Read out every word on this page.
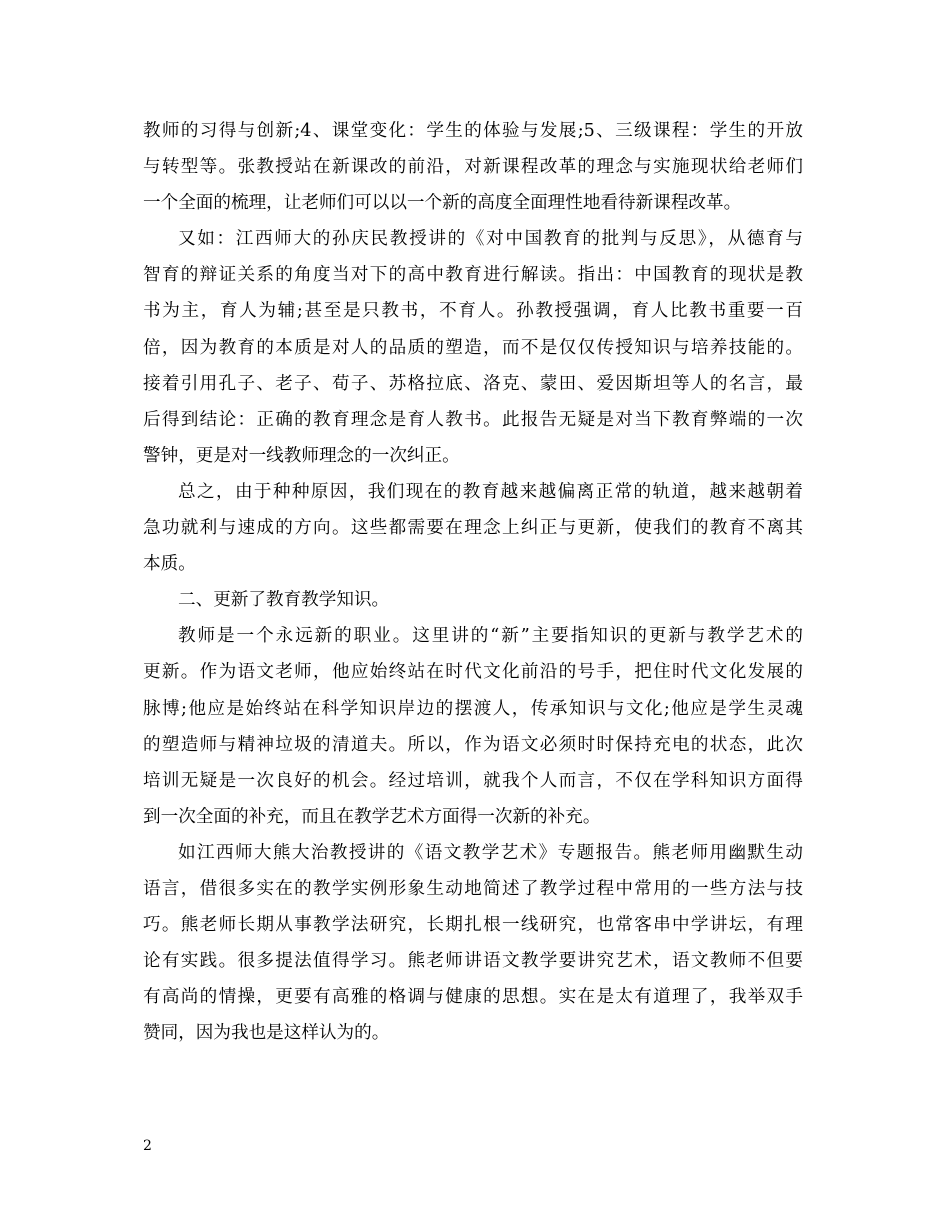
教师的习得与创新;4、课堂变化：学生的体验与发展;5、三级课程：学生的开放
与转型等。张教授站在新课改的前沿，对新课程改革的理念与实施现状给老师们
一个全面的梳理，让老师们可以以一个新的高度全面理性地看待新课程改革。
又如：江西师大的孙庆民教授讲的《对中国教育的批判与反思》，从德育与
智育的辩证关系的角度当对下的高中教育进行解读。指出：中国教育的现状是教
书为主，育人为辅;甚至是只教书，不育人。孙教授强调，育人比教书重要一百
倍，因为教育的本质是对人的品质的塑造，而不是仅仅传授知识与培养技能的。
接着引用孔子、老子、荀子、苏格拉底、洛克、蒙田、爱因斯坦等人的名言，最
后得到结论：正确的教育理念是育人教书。此报告无疑是对当下教育弊端的一次
警钟，更是对一线教师理念的一次纠正。
总之，由于种种原因，我们现在的教育越来越偏离正常的轨道，越来越朝着
急功就利与速成的方向。这些都需要在理念上纠正与更新，使我们的教育不离其
本质。
二、更新了教育教学知识。
教师是一个永远新的职业。这里讲的“新”主要指知识的更新与教学艺术的
更新。作为语文老师，他应始终站在时代文化前沿的号手，把住时代文化发展的
脉博;他应是始终站在科学知识岸边的摆渡人，传承知识与文化;他应是学生灵魂
的塑造师与精神垃圾的清道夫。所以，作为语文必须时时保持充电的状态，此次
培训无疑是一次良好的机会。经过培训，就我个人而言，不仅在学科知识方面得
到一次全面的补充，而且在教学艺术方面得一次新的补充。
如江西师大熊大治教授讲的《语文教学艺术》专题报告。熊老师用幽默生动
语言，借很多实在的教学实例形象生动地简述了教学过程中常用的一些方法与技
巧。熊老师长期从事教学法研究，长期扎根一线研究，也常客串中学讲坛，有理
论有实践。很多提法值得学习。熊老师讲语文教学要讲究艺术，语文教师不但要
有高尚的情操，更要有高雅的格调与健康的思想。实在是太有道理了，我举双手
赞同，因为我也是这样认为的。
2
